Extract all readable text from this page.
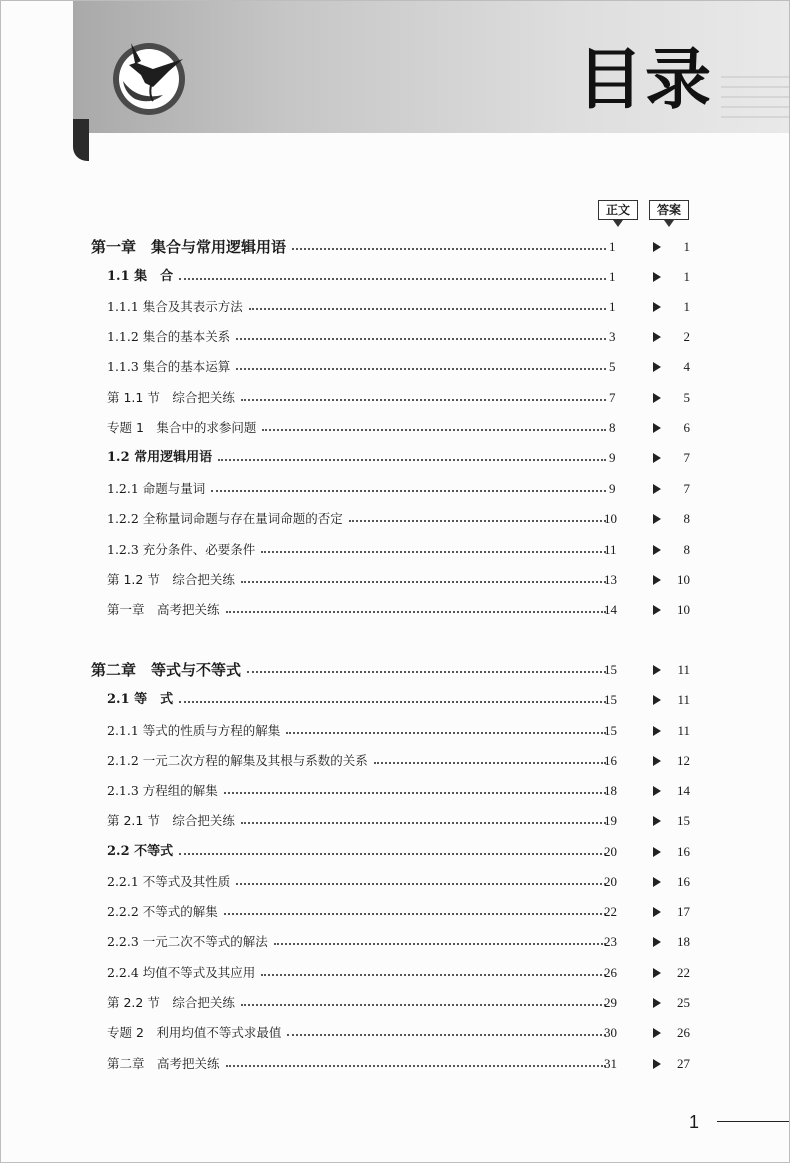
目录
正文	答案
第一章　集合与常用逻辑用语	1	1
1.1 集　合	1	1
1.1.1 集合及其表示方法	1	1
1.1.2 集合的基本关系	3	2
1.1.3 集合的基本运算	5	4
第 1.1 节　综合把关练	7	5
专题 1　集合中的求参问题	8	6
1.2 常用逻辑用语	9	7
1.2.1 命题与量词	9	7
1.2.2 全称量词命题与存在量词命题的否定	10	8
1.2.3 充分条件、必要条件	11	8
第 1.2 节　综合把关练	13	10
第一章　高考把关练	14	10
第二章　等式与不等式	15	11
2.1 等　式	15	11
2.1.1 等式的性质与方程的解集	15	11
2.1.2 一元二次方程的解集及其根与系数的关系	16	12
2.1.3 方程组的解集	18	14
第 2.1 节　综合把关练	19	15
2.2 不等式	20	16
2.2.1 不等式及其性质	20	16
2.2.2 不等式的解集	22	17
2.2.3 一元二次不等式的解法	23	18
2.2.4 均值不等式及其应用	26	22
第 2.2 节　综合把关练	29	25
专题 2　利用均值不等式求最值	30	26
第二章　高考把关练	31	27
1
